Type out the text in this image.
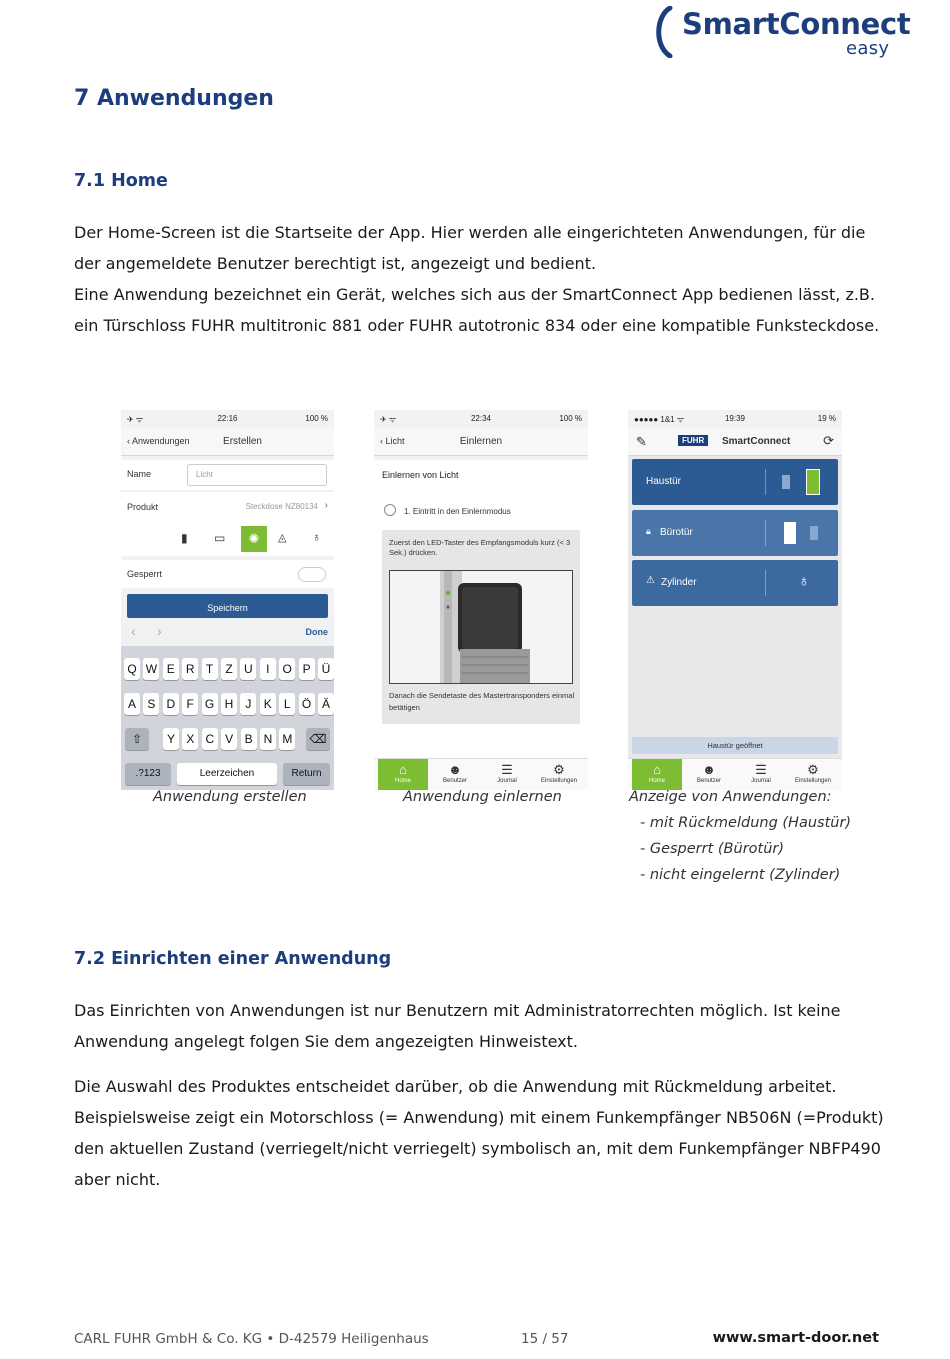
SmartConnect
easy
7 Anwendungen
7.1 Home
Der Home-Screen ist die Startseite der App. Hier werden alle eingerichteten Anwendungen, für die
der angemeldete Benutzer berechtigt ist, angezeigt und bedient.
Eine Anwendung bezeichnet ein Gerät, welches sich aus der SmartConnect App bedienen lässt, z.B.
ein Türschloss FUHR multitronic 881 oder FUHR autotronic 834 oder eine kompatible Funksteckdose.
✈ ᯤ	22:16	100 %
‹ Anwendungen	Erstellen
Name	Licht
Produkt	Steckdose NZ80134 ›
▮ ▭	✺	◬ ♁
Gesperrt
Speichern
‹ ›	Done
Q W E R T	Z U	I	O P Ü
A S D F G H	J	K	L Ö Ä
Y X C V B N M
⇧	⌫
.?123	Leerzeichen	Return
Anwendung erstellen
✈ ᯤ	22:34	100 %
‹ Licht	Einlernen
Einlernen von Licht
1. Eintritt in den Einlernmodus
Zuerst den LED-Taster des Empfangsmoduls kurz (< 3 Sek.) drücken.
Danach die Sendetaste des Mastertransponders einmal betätigen
⌂
Home
☻
Benutzer
☰
Journal
⚙
Einstellungen
Anwendung einlernen
●●●●● 1&1 ᯤ	19:39	19 %
✎	FUHR	SmartConnect	⟳
Haustür
🔒︎ Bürotür
⚠ Zylinder	♁
Haustür geöffnet
⌂
Home
☻
Benutzer
☰
Journal
⚙
Einstellungen
Anzeige von Anwendungen:
- mit Rückmeldung (Haustür)
- Gesperrt (Bürotür)
- nicht eingelernt (Zylinder)
7.2 Einrichten einer Anwendung
Das Einrichten von Anwendungen ist nur Benutzern mit Administratorrechten möglich. Ist keine
Anwendung angelegt folgen Sie dem angezeigten Hinweistext.
Die Auswahl des Produktes entscheidet darüber, ob die Anwendung mit Rückmeldung arbeitet.
Beispielsweise zeigt ein Motorschloss (= Anwendung) mit einem Funkempfänger NB506N (=Produkt)
den aktuellen Zustand (verriegelt/nicht verriegelt) symbolisch an, mit dem Funkempfänger NBFP490
aber nicht.
CARL FUHR GmbH & Co. KG • D-42579 Heiligenhaus	15 / 57	www.smart-door.net
